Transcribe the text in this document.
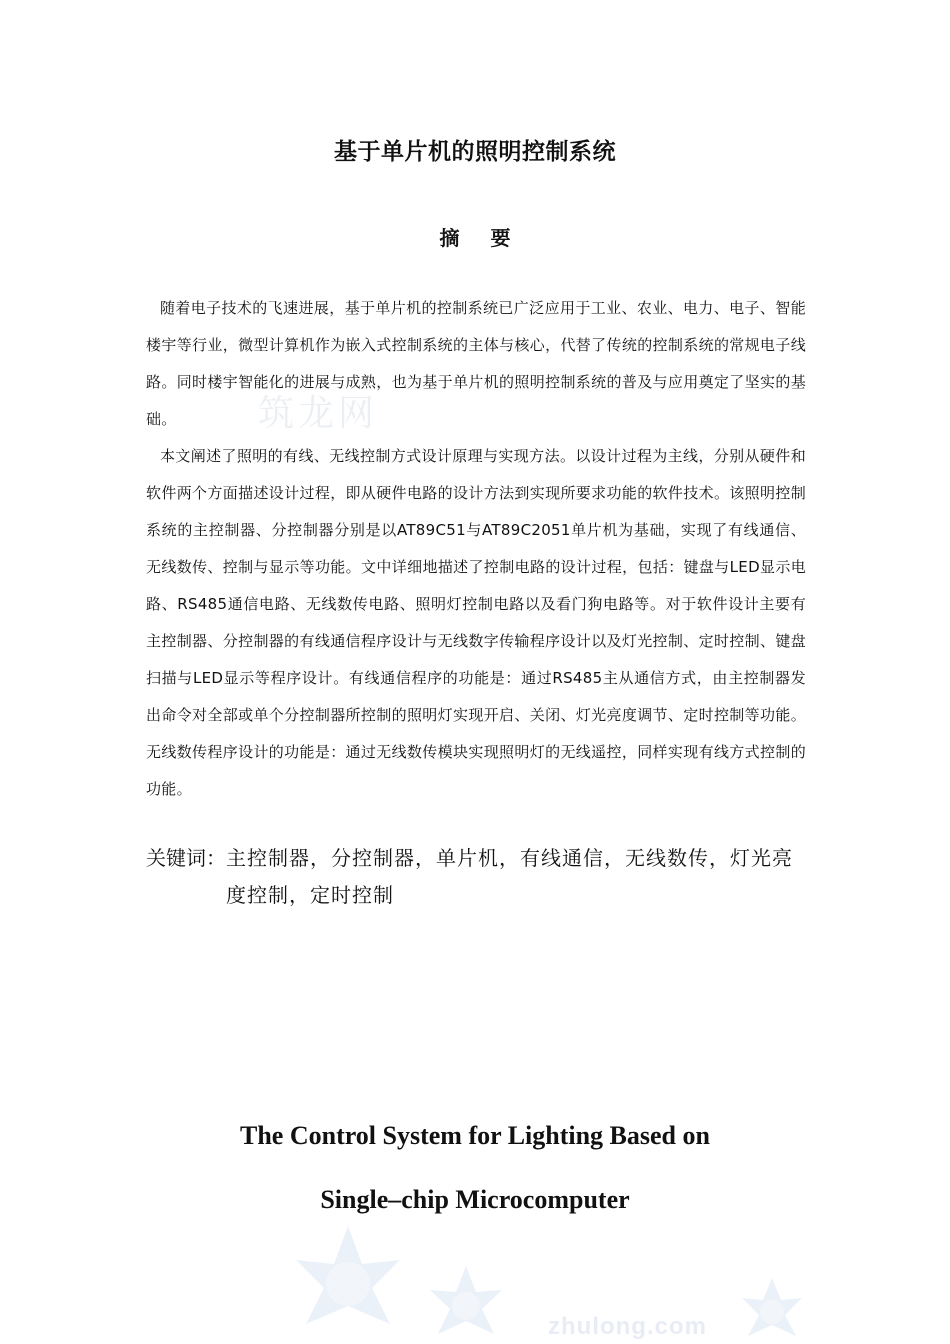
基于单片机的照明控制系统
摘 要
筑龙网

随着电子技术的飞速进展，基于单片机的控制系统已广泛应用于工业、农业、电力、电子、智能楼宇等行业，微型计算机作为嵌入式控制系统的主体与核心，代替了传统的控制系统的常规电子线路。同时楼宇智能化的进展与成熟，也为基于单片机的照明控制系统的普及与应用奠定了坚实的基础。

本文阐述了照明的有线、无线控制方式设计原理与实现方法。以设计过程为主线，分别从硬件和软件两个方面描述设计过程，即从硬件电路的设计方法到实现所要求功能的软件技术。该照明控制系统的主控制器、分控制器分别是以AT89C51与AT89C2051单片机为基础，实现了有线通信、无线数传、控制与显示等功能。文中详细地描述了控制电路的设计过程，包括：键盘与LED显示电路、RS485通信电路、无线数传电路、照明灯控制电路以及看门狗电路等。对于软件设计主要有主控制器、分控制器的有线通信程序设计与无线数字传输程序设计以及灯光控制、定时控制、键盘扫描与LED显示等程序设计。有线通信程序的功能是：通过RS485主从通信方式，由主控制器发出命令对全部或单个分控制器所控制的照明灯实现开启、关闭、灯光亮度调节、定时控制等功能。无线数传程序设计的功能是：通过无线数传模块实现照明灯的无线遥控，同样实现有线方式控制的功能。

关键词： 主控制器，分控制器，单片机，有线通信，无线数传，灯光亮度控制，定时控制
The Control System for Lighting Based on
Single–chip Microcomputer
zhulong.com
